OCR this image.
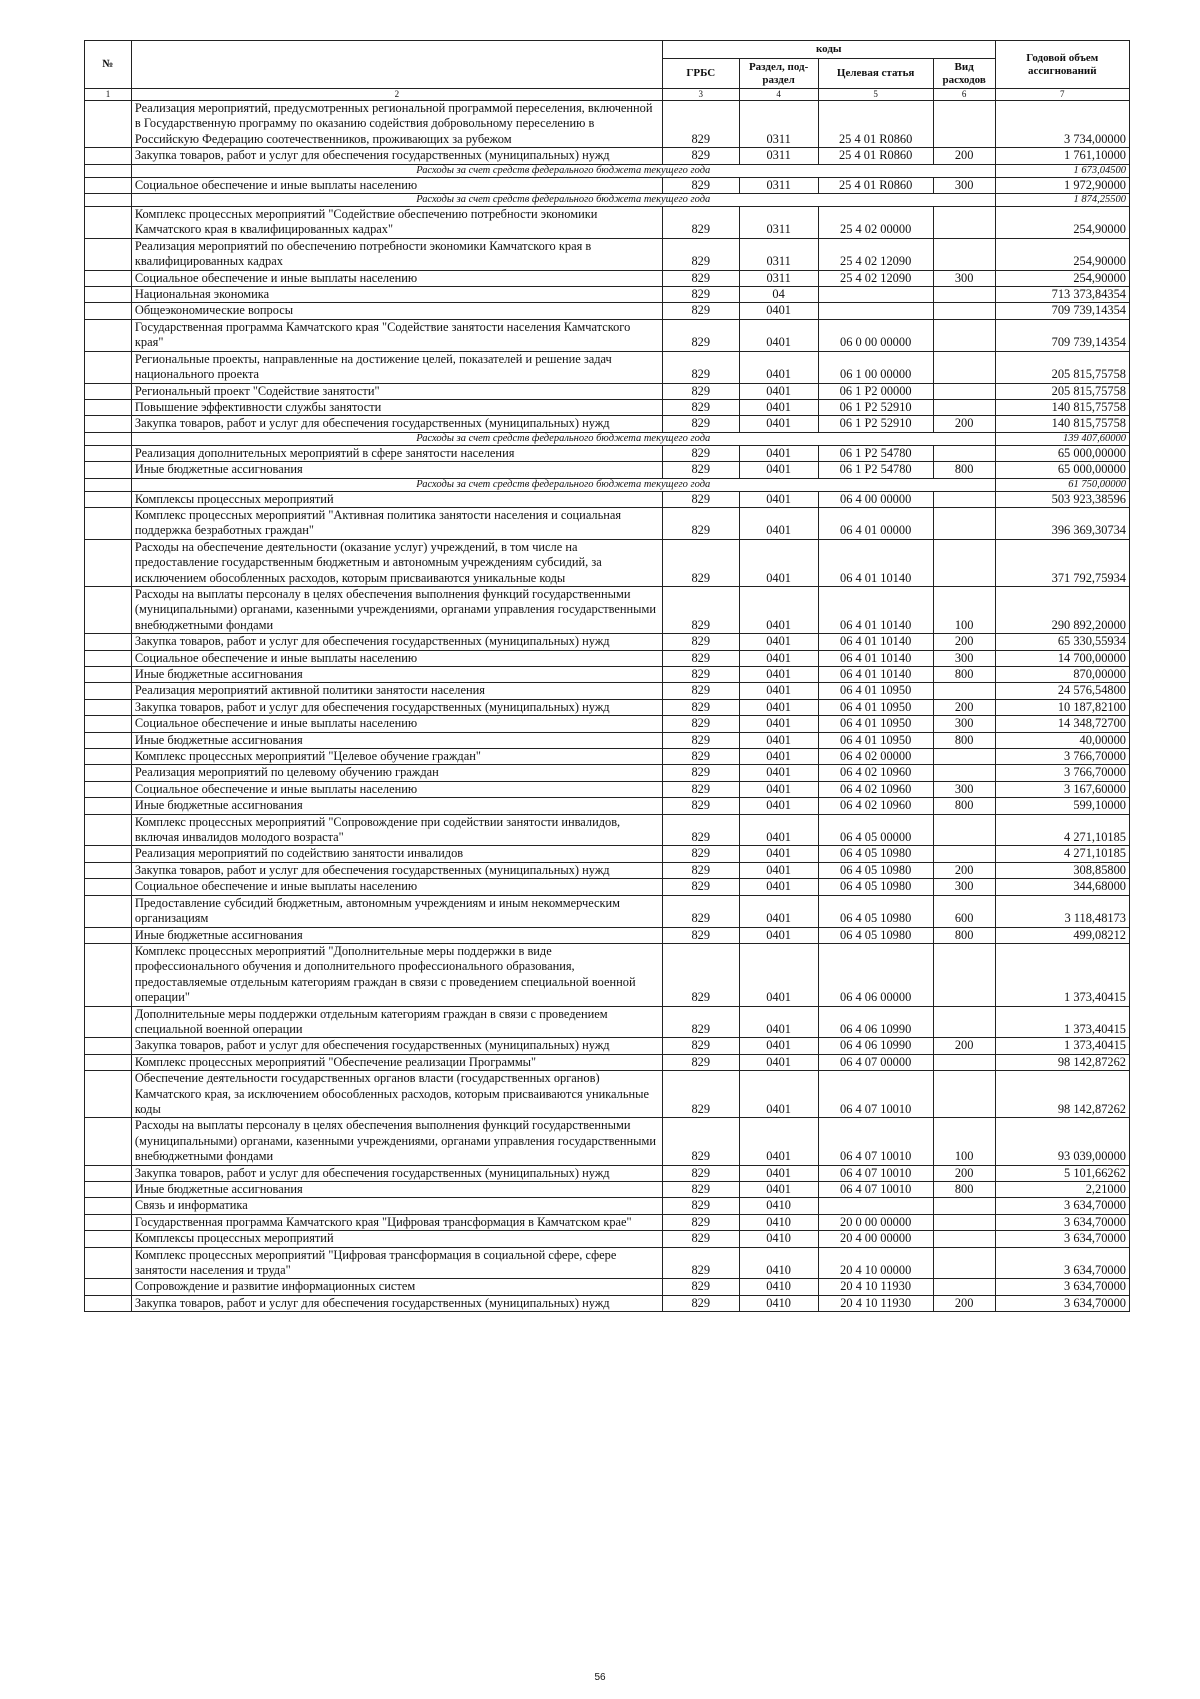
№		коды				Годовой объем ассигнований
		ГРБС	Раздел, под-раздел	Целевая статья	Вид расходов	
1	2	3	4	5	6	7
	Реализация мероприятий, предусмотренных региональной программой переселения, включенной в Государственную программу по оказанию содействия добровольному переселению в Российскую Федерацию соотечественников, проживающих за рубежом	829	0311	25 4 01 R0860		3 734,00000
	Закупка товаров, работ и услуг для обеспечения государственных (муниципальных) нужд	829	0311	25 4 01 R0860	200	1 761,10000
	Расходы за счет средств федерального бюджета текущего года					1 673,04500
	Социальное обеспечение и иные выплаты населению	829	0311	25 4 01 R0860	300	1 972,90000
	Расходы за счет средств федерального бюджета текущего года					1 874,25500
	Комплекс процессных мероприятий "Содействие обеспечению потребности экономики Камчатского края в квалифицированных кадрах"	829	0311	25 4 02 00000		254,90000
	Реализация мероприятий по обеспечению потребности экономики Камчатского края в квалифицированных кадрах	829	0311	25 4 02 12090		254,90000
	Социальное обеспечение и иные выплаты населению	829	0311	25 4 02 12090	300	254,90000
	Национальная экономика	829	04			713 373,84354
	Общеэкономические вопросы	829	0401			709 739,14354
	Государственная программа Камчатского края "Содействие занятости населения Камчатского края"	829	0401	06 0 00 00000		709 739,14354
	Региональные проекты, направленные на достижение целей, показателей и решение задач национального проекта	829	0401	06 1 00 00000		205 815,75758
	Региональный проект "Содействие занятости"	829	0401	06 1 P2 00000		205 815,75758
	Повышение эффективности службы занятости	829	0401	06 1 P2 52910		140 815,75758
	Закупка товаров, работ и услуг для обеспечения государственных (муниципальных) нужд	829	0401	06 1 P2 52910	200	140 815,75758
	Расходы за счет средств федерального бюджета текущего года					139 407,60000
	Реализация дополнительных мероприятий в сфере занятости населения	829	0401	06 1 P2 54780		65 000,00000
	Иные бюджетные ассигнования	829	0401	06 1 P2 54780	800	65 000,00000
	Расходы за счет средств федерального бюджета текущего года					61 750,00000
	Комплексы процессных мероприятий	829	0401	06 4 00 00000		503 923,38596
	Комплекс процессных мероприятий "Активная политика занятости населения и социальная поддержка безработных граждан"	829	0401	06 4 01 00000		396 369,30734
	Расходы на обеспечение деятельности (оказание услуг) учреждений, в том числе на предоставление государственным бюджетным и автономным учреждениям субсидий, за исключением обособленных расходов, которым присваиваются уникальные коды	829	0401	06 4 01 10140		371 792,75934
	Расходы на выплаты персоналу в целях обеспечения выполнения функций государственными (муниципальными) органами, казенными учреждениями, органами управления государственными внебюджетными фондами	829	0401	06 4 01 10140	100	290 892,20000
	Закупка товаров, работ и услуг для обеспечения государственных (муниципальных) нужд	829	0401	06 4 01 10140	200	65 330,55934
	Социальное обеспечение и иные выплаты населению	829	0401	06 4 01 10140	300	14 700,00000
	Иные бюджетные ассигнования	829	0401	06 4 01 10140	800	870,00000
	Реализация мероприятий активной политики занятости населения	829	0401	06 4 01 10950		24 576,54800
	Закупка товаров, работ и услуг для обеспечения государственных (муниципальных) нужд	829	0401	06 4 01 10950	200	10 187,82100
	Социальное обеспечение и иные выплаты населению	829	0401	06 4 01 10950	300	14 348,72700
	Иные бюджетные ассигнования	829	0401	06 4 01 10950	800	40,00000
	Комплекс процессных мероприятий "Целевое обучение граждан"	829	0401	06 4 02 00000		3 766,70000
	Реализация мероприятий по целевому обучению граждан	829	0401	06 4 02 10960		3 766,70000
	Социальное обеспечение и иные выплаты населению	829	0401	06 4 02 10960	300	3 167,60000
	Иные бюджетные ассигнования	829	0401	06 4 02 10960	800	599,10000
	Комплекс процессных мероприятий "Сопровождение при содействии занятости инвалидов, включая инвалидов молодого возраста"	829	0401	06 4 05 00000		4 271,10185
	Реализация мероприятий по содействию занятости инвалидов	829	0401	06 4 05 10980		4 271,10185
	Закупка товаров, работ и услуг для обеспечения государственных (муниципальных) нужд	829	0401	06 4 05 10980	200	308,85800
	Социальное обеспечение и иные выплаты населению	829	0401	06 4 05 10980	300	344,68000
	Предоставление субсидий бюджетным, автономным учреждениям и иным некоммерческим организациям	829	0401	06 4 05 10980	600	3 118,48173
	Иные бюджетные ассигнования	829	0401	06 4 05 10980	800	499,08212
	Комплекс процессных мероприятий "Дополнительные меры поддержки в виде профессионального обучения и дополнительного профессионального образования, предоставляемые отдельным категориям граждан в связи с проведением специальной военной операции"	829	0401	06 4 06 00000		1 373,40415
	Дополнительные меры поддержки отдельным категориям граждан в связи с проведением специальной военной операции	829	0401	06 4 06 10990		1 373,40415
	Закупка товаров, работ и услуг для обеспечения государственных (муниципальных) нужд	829	0401	06 4 06 10990	200	1 373,40415
	Комплекс процессных мероприятий "Обеспечение реализации Программы"	829	0401	06 4 07 00000		98 142,87262
	Обеспечение деятельности государственных органов власти (государственных органов) Камчатского края, за исключением обособленных расходов, которым присваиваются уникальные коды	829	0401	06 4 07 10010		98 142,87262
	Расходы на выплаты персоналу в целях обеспечения выполнения функций государственными (муниципальными) органами, казенными учреждениями, органами управления государственными внебюджетными фондами	829	0401	06 4 07 10010	100	93 039,00000
	Закупка товаров, работ и услуг для обеспечения государственных (муниципальных) нужд	829	0401	06 4 07 10010	200	5 101,66262
	Иные бюджетные ассигнования	829	0401	06 4 07 10010	800	2,21000
	Связь и информатика	829	0410			3 634,70000
	Государственная программа Камчатского края "Цифровая трансформация в Камчатском крае"	829	0410	20 0 00 00000		3 634,70000
	Комплексы процессных мероприятий	829	0410	20 4 00 00000		3 634,70000
	Комплекс процессных мероприятий "Цифровая трансформация в социальной сфере, сфере занятости населения и труда"	829	0410	20 4 10 00000		3 634,70000
	Сопровождение и развитие информационных систем	829	0410	20 4 10 11930		3 634,70000
	Закупка товаров, работ и услуг для обеспечения государственных (муниципальных) нужд	829	0410	20 4 10 11930	200	3 634,70000
56
